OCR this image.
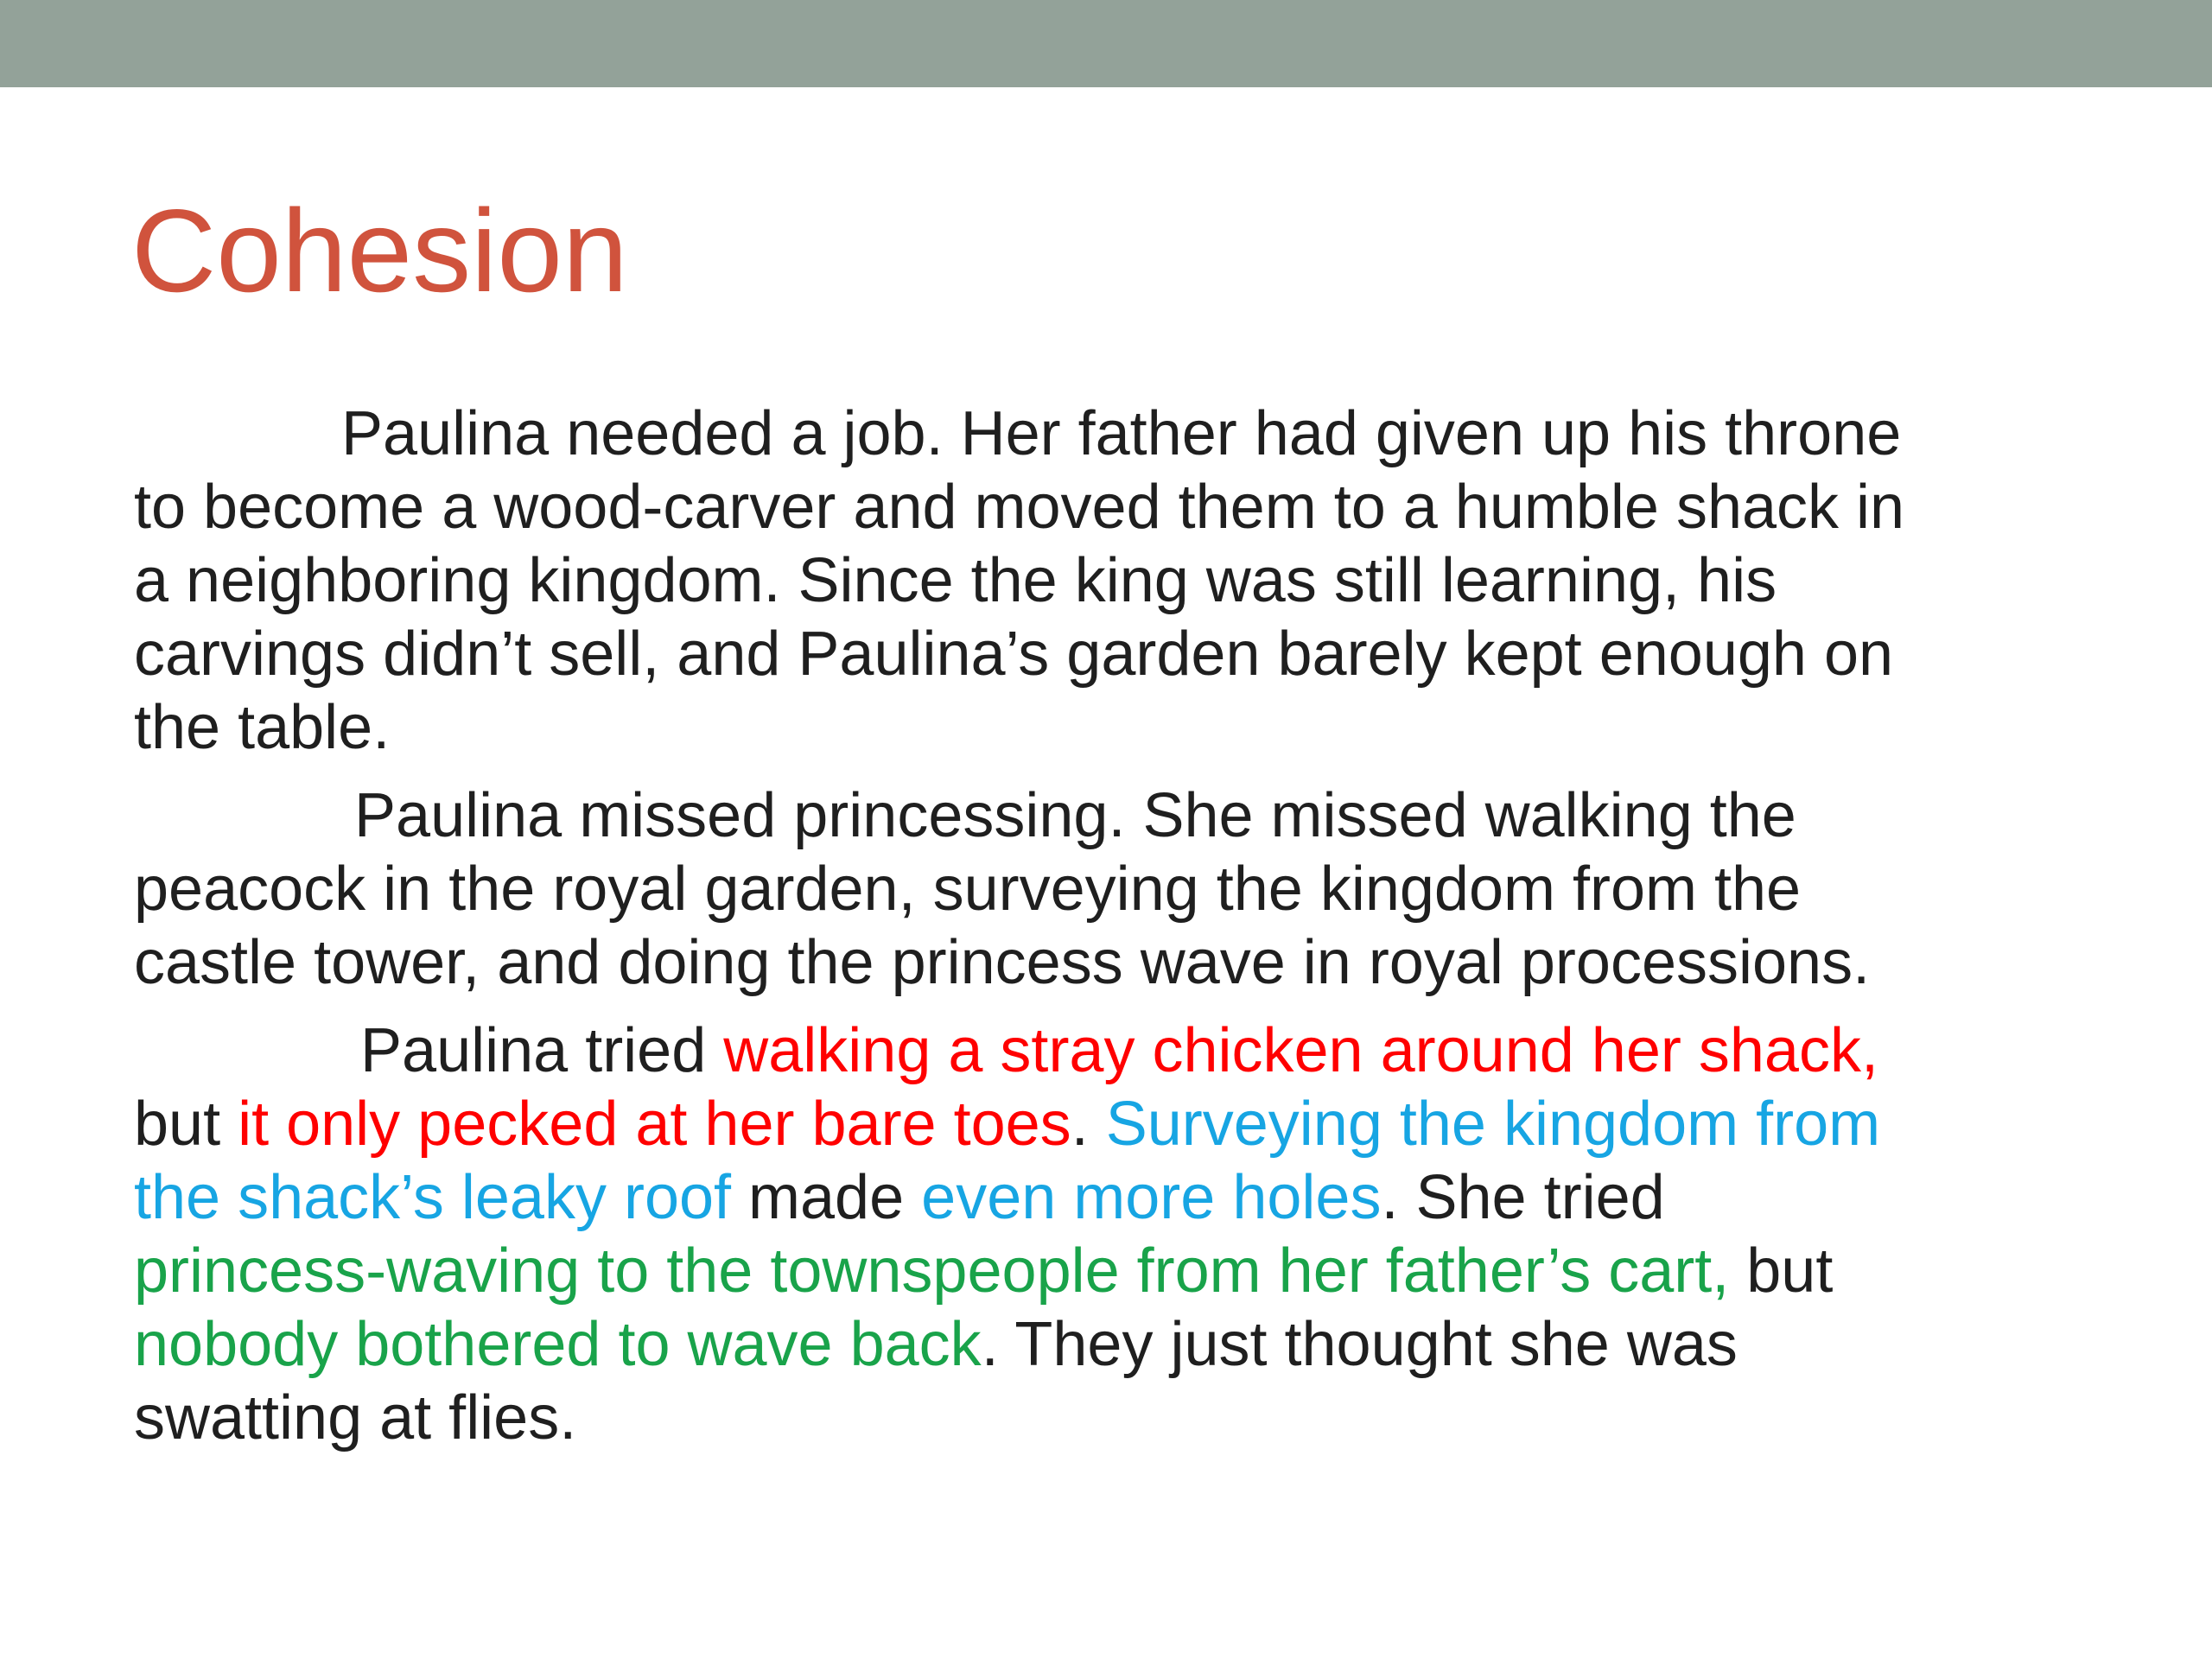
Cohesion

Paulina needed a job. Her father had given up his throne
to become a wood-carver and moved them to a humble shack in
a neighboring kingdom. Since the king was still learning, his
carvings didn’t sell, and Paulina’s garden barely kept enough on
the table.

Paulina missed princessing. She missed walking the
peacock in the royal garden, surveying the kingdom from the
castle tower, and doing the princess wave in royal processions.

Paulina tried walking a stray chicken around her shack,
but it only pecked at her bare toes. Surveying the kingdom from
the shack’s leaky roof made even more holes. She tried
princess-waving to the townspeople from her father’s cart, but
nobody bothered to wave back. They just thought she was
swatting at flies.
